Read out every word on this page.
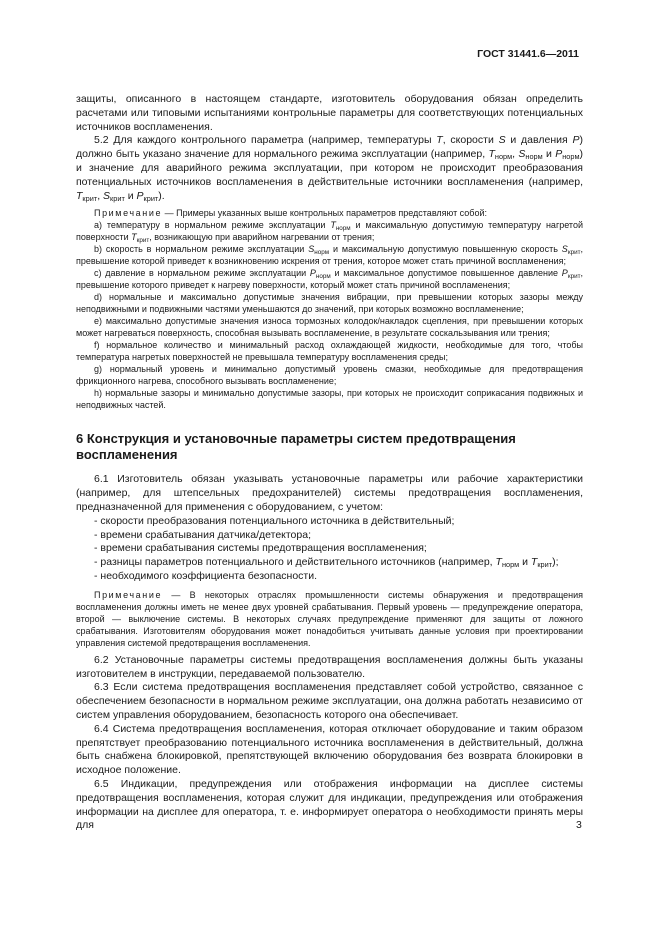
ГОСТ 31441.6—2011

защиты, описанного в настоящем стандарте, изготовитель оборудования обязан определить расчетами или типовыми испытаниями контрольные параметры для соответствующих потенциальных источников воспламенения.

5.2 Для каждого контрольного параметра (например, температуры T, скорости S и давления P) должно быть указано значение для нормального режима эксплуатации (например, $T_{норм}$, $S_{норм}$ и $P_{норм}$) и значение для аварийного режима эксплуатации, при котором не происходит преобразования потенциальных источников воспламенения в действительные источники воспламенения (например, $T_{крит}$, $S_{крит}$ и $P_{крит}$).

Примечание — Примеры указанных выше контрольных параметров представляют собой:

a) температуру в нормальном режиме эксплуатации $T_{норм}$ и максимальную допустимую температуру нагретой поверхности $T_{крит}$, возникающую при аварийном нагревании от трения;

b) скорость в нормальном режиме эксплуатации $S_{норм}$ и максимальную допустимую повышенную скорость $S_{крит}$, превышение которой приведет к возникновению искрения от трения, которое может стать причиной воспламенения;

c) давление в нормальном режиме эксплуатации $P_{норм}$ и максимальное допустимое повышенное давление $P_{крит}$, превышение которого приведет к нагреву поверхности, который может стать причиной воспламенения;

d) нормальные и максимально допустимые значения вибрации, при превышении которых зазоры между неподвижными и подвижными частями уменьшаются до значений, при которых возможно воспламенение;

e) максимально допустимые значения износа тормозных колодок/накладок сцепления, при превышении которых может нагреваться поверхность, способная вызывать воспламенение, в результате соскальзывания или трения;

f) нормальное количество и минимальный расход охлаждающей жидкости, необходимые для того, чтобы температура нагретых поверхностей не превышала температуру воспламенения среды;

g) нормальный уровень и минимально допустимый уровень смазки, необходимые для предотвращения фрикционного нагрева, способного вызывать воспламенение;

h) нормальные зазоры и минимально допустимые зазоры, при которых не происходит соприкасания подвижных и неподвижных частей.

6 Конструкция и установочные параметры систем предотвращения воспламенения

6.1 Изготовитель обязан указывать установочные параметры или рабочие характеристики (например, для штепсельных предохранителей) системы предотвращения воспламенения, предназначенной для применения с оборудованием, с учетом:

- скорости преобразования потенциального источника в действительный;

- времени срабатывания датчика/детектора;

- времени срабатывания системы предотвращения воспламенения;

- разницы параметров потенциального и действительного источников (например, $T_{норм}$ и $T_{крит}$);

- необходимого коэффициента безопасности.

Примечание — В некоторых отраслях промышленности системы обнаружения и предотвращения воспламенения должны иметь не менее двух уровней срабатывания. Первый уровень — предупреждение оператора, второй — выключение системы. В некоторых случаях предупреждение применяют для защиты от ложного срабатывания. Изготовителям оборудования может понадобиться учитывать данные условия при проектировании управления системой предотвращения воспламенения.

6.2 Установочные параметры системы предотвращения воспламенения должны быть указаны изготовителем в инструкции, передаваемой пользователю.

6.3 Если система предотвращения воспламенения представляет собой устройство, связанное с обеспечением безопасности в нормальном режиме эксплуатации, она должна работать независимо от систем управления оборудованием, безопасность которого она обеспечивает.

6.4 Система предотвращения воспламенения, которая отключает оборудование и таким образом препятствует преобразованию потенциального источника воспламенения в действительный, должна быть снабжена блокировкой, препятствующей включению оборудования без возврата блокировки в исходное положение.

6.5 Индикации, предупреждения или отображения информации на дисплее системы предотвращения воспламенения, которая служит для индикации, предупреждения или отображения информации на дисплее для оператора, т. е. информирует оператора о необходимости принять меры для	3
